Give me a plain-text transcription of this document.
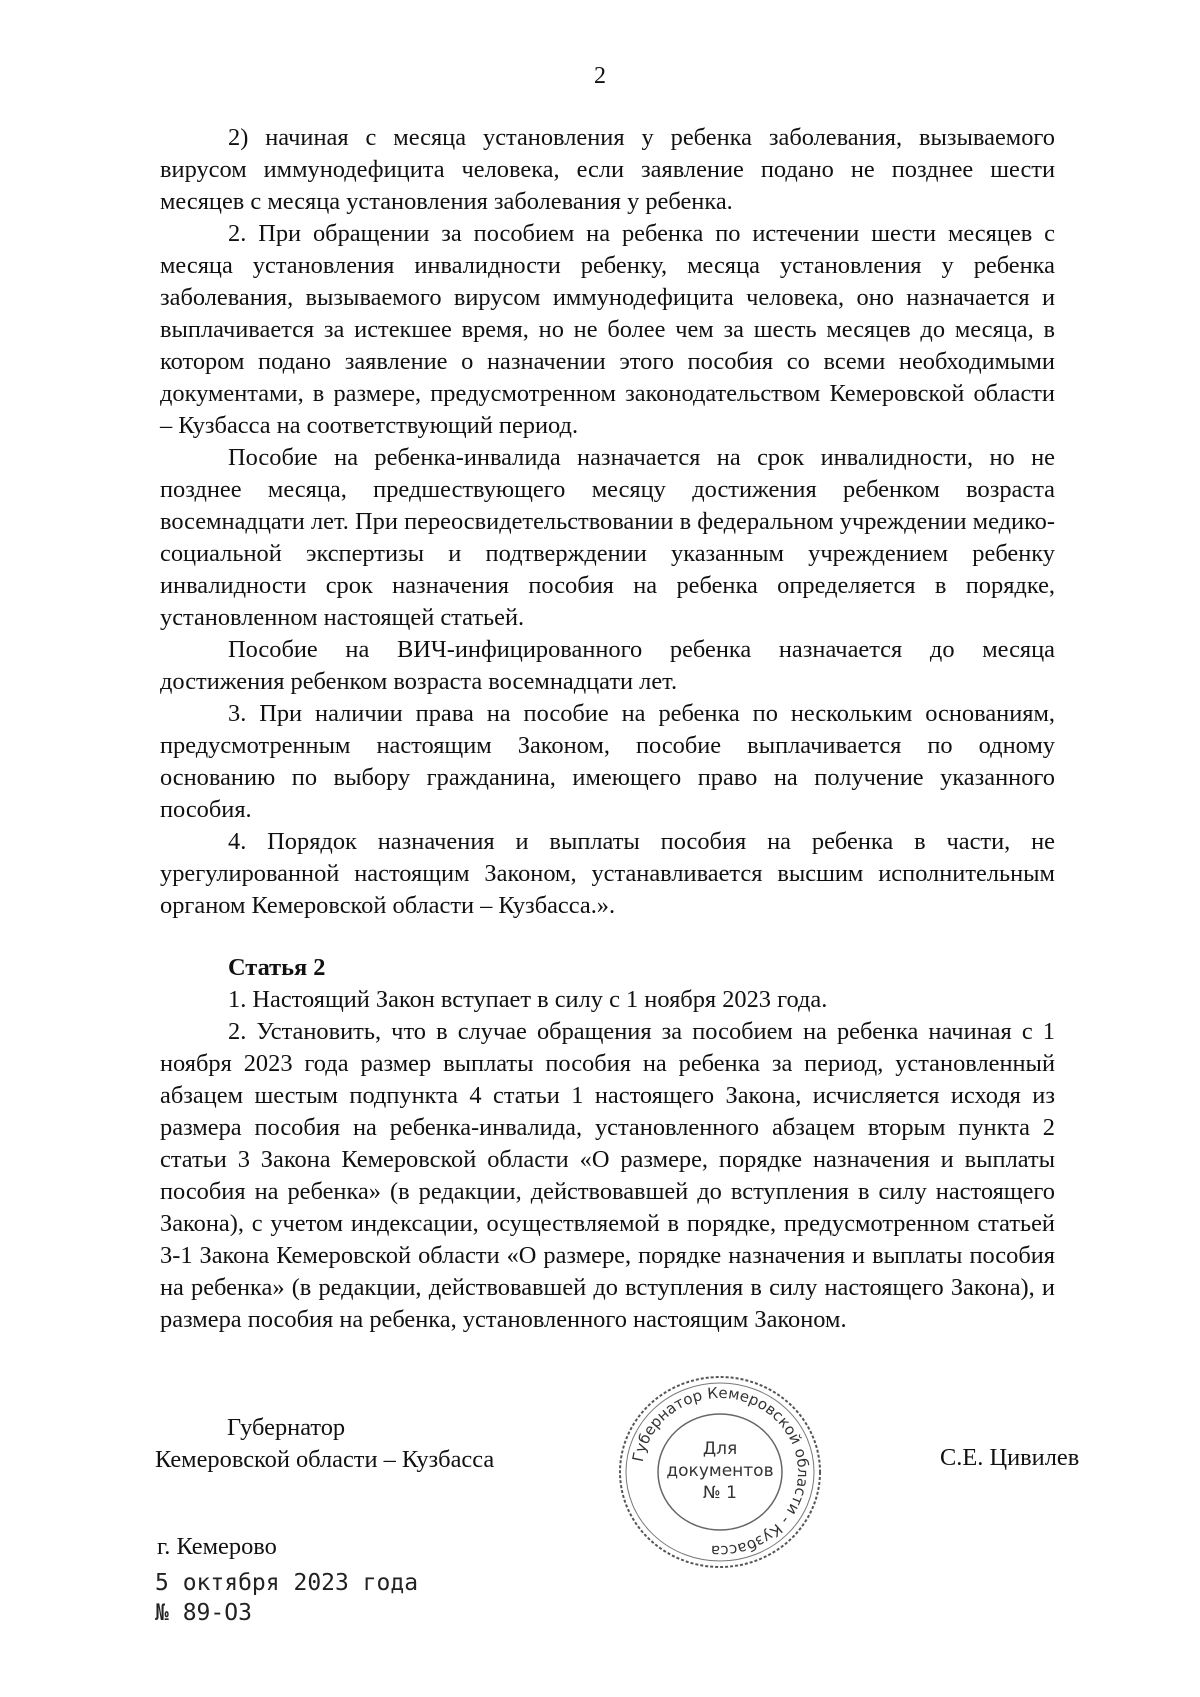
2

2) начиная с месяца установления у ребенка заболевания, вызываемого вирусом иммунодефицита человека, если заявление подано не позднее шести месяцев с месяца установления заболевания у ребенка.

2. При обращении за пособием на ребенка по истечении шести месяцев с месяца установления инвалидности ребенку, месяца установления у ребенка заболевания, вызываемого вирусом иммунодефицита человека, оно назначается и выплачивается за истекшее время, но не более чем за шесть месяцев до месяца, в котором подано заявление о назначении этого пособия со всеми необходимыми документами, в размере, предусмотренном законодательством Кемеровской области – Кузбасса на соответствующий период.

Пособие на ребенка-инвалида назначается на срок инвалидности, но не позднее месяца, предшествующего месяцу достижения ребенком возраста восемнадцати лет. При переосвидетельствовании в федеральном учреждении медико-социальной экспертизы и подтверждении указанным учреждением ребенку инвалидности срок назначения пособия на ребенка определяется в порядке, установленном настоящей статьей.

Пособие на ВИЧ-инфицированного ребенка назначается до месяца достижения ребенком возраста восемнадцати лет.

3. При наличии права на пособие на ребенка по нескольким основаниям, предусмотренным настоящим Законом, пособие выплачивается по одному основанию по выбору гражданина, имеющего право на получение указанного пособия.

4. Порядок назначения и выплаты пособия на ребенка в части, не урегулированной настоящим Законом, устанавливается высшим исполнительным органом Кемеровской области – Кузбасса.».

Статья 2

1. Настоящий Закон вступает в силу с 1 ноября 2023 года.

2. Установить, что в случае обращения за пособием на ребенка начиная с 1 ноября 2023 года размер выплаты пособия на ребенка за период, установленный абзацем шестым подпункта 4 статьи 1 настоящего Закона, исчисляется исходя из размера пособия на ребенка-инвалида, установленного абзацем вторым пункта 2 статьи 3 Закона Кемеровской области «О размере, порядке назначения и выплаты пособия на ребенка» (в редакции, действовавшей до вступления в силу настоящего Закона), с учетом индексации, осуществляемой в порядке, предусмотренном статьей 3-1 Закона Кемеровской области «О размере, порядке назначения и выплаты пособия на ребенка» (в редакции, действовавшей до вступления в силу настоящего Закона), и размера пособия на ребенка, установленного настоящим Законом.

Губернатор
Кемеровской области – Кузбасса	С.Е. Цивилев
Губернатор Кемеровской области - Кузбасса
Для
документов
№ 1
г. Кемерово
5 октября 2023 года
№ 89-ОЗ
